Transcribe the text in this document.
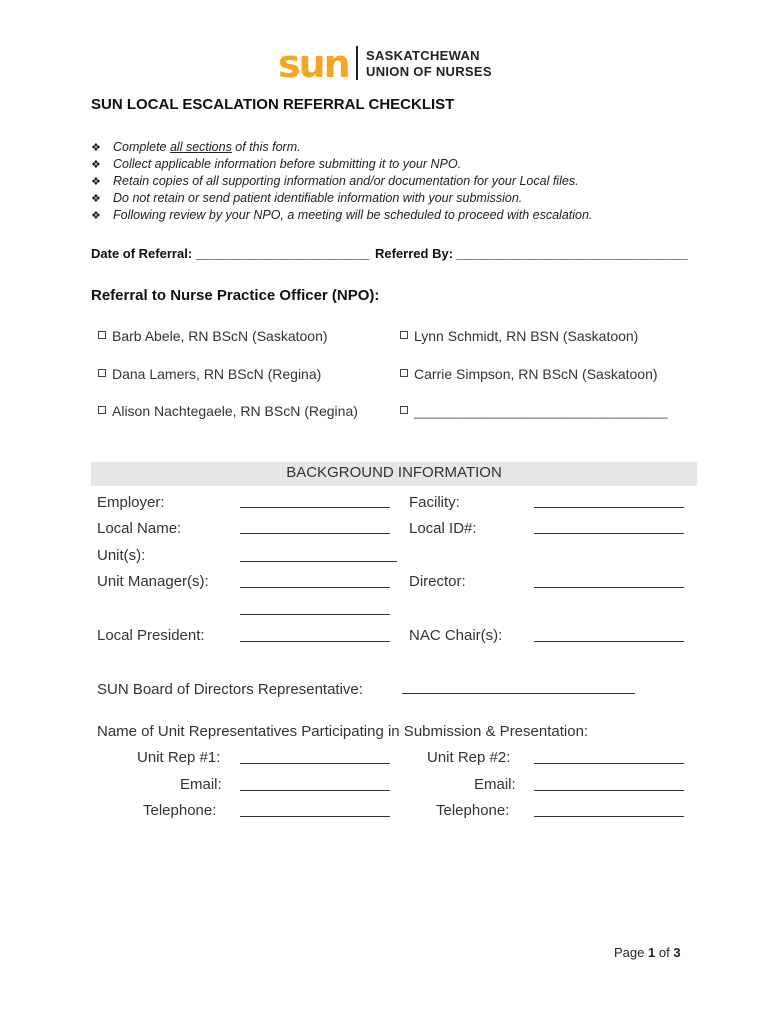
sun SASKATCHEWAN
UNION OF NURSES
SUN LOCAL ESCALATION REFERRAL CHECKLIST
❖ Complete all sections of this form.
❖ Collect applicable information before submitting it to your NPO.
❖ Retain copies of all supporting information and/or documentation for your Local files.
❖ Do not retain or send patient identifiable information with your submission.
❖ Following review by your NPO, a meeting will be scheduled to proceed with escalation.
Date of Referral: ________________________ Referred By: ________________________________
Referral to Nurse Practice Officer (NPO):
Barb Abele, RN BScN (Saskatoon)	Lynn Schmidt, RN BSN (Saskatoon)
Dana Lamers, RN BScN (Regina)	Carrie Simpson, RN BScN (Saskatoon)
Alison Nachtegaele, RN BScN (Regina)	______________________________________
BACKGROUND INFORMATION
Employer:	Facility:
Local Name:	Local ID#:
Unit(s):
Unit Manager(s):	Director:
Local President:	NAC Chair(s):
SUN Board of Directors Representative:
Name of Unit Representatives Participating in Submission & Presentation:
Unit Rep #1:	Unit Rep #2:
Email:	Email:
Telephone:	Telephone:
Page 1 of 3
